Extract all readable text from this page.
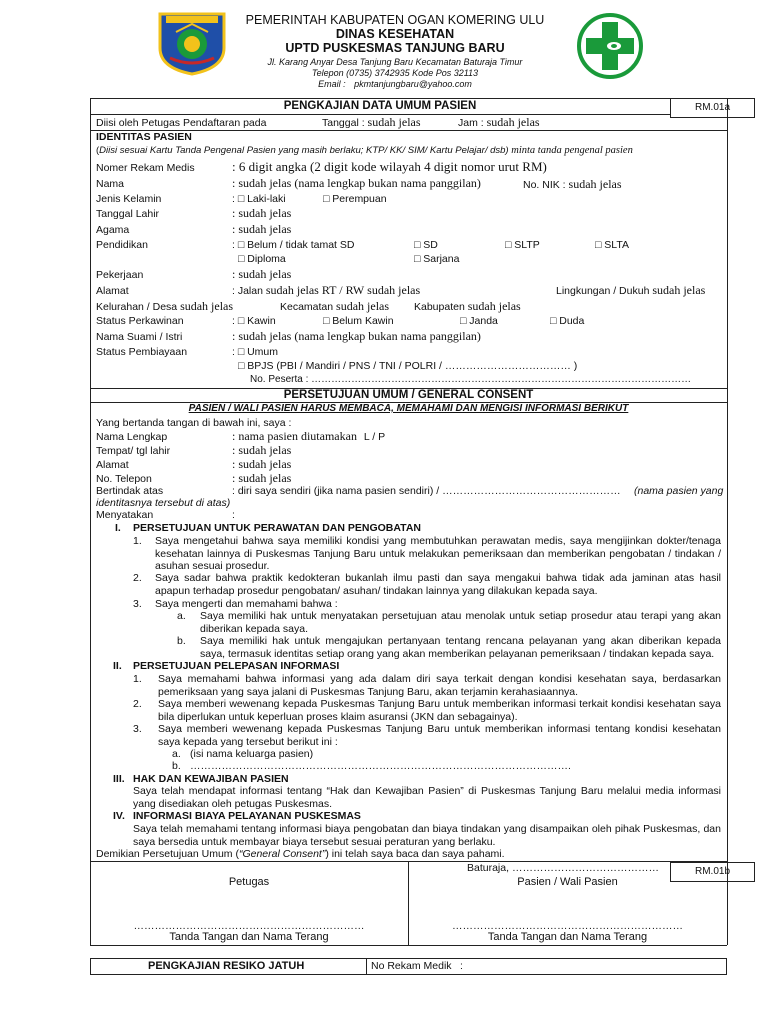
PEMERINTAH KABUPATEN OGAN KOMERING ULU
DINAS KESEHATAN
UPTD PUSKESMAS TANJUNG BARU
Jl. Karang Anyar Desa Tanjung Baru Kecamatan Baturaja Timur
Telepon (0735) 3742935 Kode Pos 32113
Email : pkmtanjungbaru@yahoo.com
PENGKAJIAN DATA UMUM PASIEN	RM.01a
Diisi oleh Petugas Pendaftaran pada	Tanggal : sudah jelas	Jam : sudah jelas
IDENTITAS PASIEN
(Diisi sesuai Kartu Tanda Pengenal Pasien yang masih berlaku; KTP/ KK/ SIM/ Kartu Pelajar/ dsb) minta tanda pengenal pasien
Nomer Rekam Medis	: 6 digit angka (2 digit kode wilayah 4 digit nomor urut RM)
Nama	: sudah jelas (nama lengkap bukan nama panggilan)	No. NIK : sudah jelas
Jenis Kelamin	: □ Laki-laki	□ Perempuan
Tanggal Lahir	: sudah jelas
Agama	: sudah jelas
Pendidikan	: □ Belum / tidak tamat SD	□ SD	□ SLTP	□ SLTA
□ Diploma	□ Sarjana
Pekerjaan	: sudah jelas
Alamat	: Jalan sudah jelas RT / RW sudah jelas	Lingkungan / Dukuh sudah jelas
Kelurahan / Desa sudah jelas	Kecamatan sudah jelas Kabupaten sudah jelas
Status Perkawinan	: □ Kawin	□ Belum Kawin	□ Janda	□ Duda
Nama Suami / Istri	: sudah jelas (nama lengkap bukan nama panggilan)
Status Pembiayaan	: □ Umum
□ BPJS (PBI / Mandiri / PNS / TNI / POLRI / ……………………………… )
No. Peserta : ……………………………………………………………………………………………………
PERSETUJUAN UMUM / GENERAL CONSENT
PASIEN / WALI PASIEN HARUS MEMBACA, MEMAHAMI DAN MENGISI INFORMASI BERIKUT
Yang bertanda tangan di bawah ini, saya :
Nama Lengkap	: nama pasien diutamakan L / P
Tempat/ tgl lahir	: sudah jelas
Alamat	: sudah jelas
No. Telepon	: sudah jelas
Bertindak atas	: diri saya sendiri (jika nama pasien sendiri) / …………………………………………… (nama pasien yang
identitasnya tersebut di atas)
Menyatakan	:
I. PERSETUJUAN UNTUK PERAWATAN DAN PENGOBATAN
1. Saya mengetahui bahwa saya memiliki kondisi yang membutuhkan perawatan medis, saya mengijinkan dokter/tenaga kesehatan lainnya di Puskesmas Tanjung Baru untuk melakukan pemeriksaan dan memberikan pengobatan / tindakan / asuhan sesuai prosedur.

2. Saya sadar bahwa praktik kedokteran bukanlah ilmu pasti dan saya mengakui bahwa tidak ada jaminan atas hasil apapun terhadap prosedur pengobatan/ asuhan/ tindakan lainnya yang dilakukan kepada saya.

3. Saya mengerti dan memahami bahwa :

a. Saya memiliki hak untuk menyatakan persetujuan atau menolak untuk setiap prosedur atau terapi yang akan diberikan kepada saya.

b. Saya memiliki hak untuk mengajukan pertanyaan tentang rencana pelayanan yang akan diberikan kepada saya, termasuk identitas setiap orang yang akan memberikan pelayanan pemeriksaan / tindakan kepada saya.

II. PERSETUJUAN PELEPASAN INFORMASI
1. Saya memahami bahwa informasi yang ada dalam diri saya terkait dengan kondisi kesehatan saya, berdasarkan pemeriksaan yang saya jalani di Puskesmas Tanjung Baru, akan terjamin kerahasiaannya.

2. Saya memberi wewenang kepada Puskesmas Tanjung Baru untuk memberikan informasi terkait kondisi kesehatan saya bila diperlukan untuk keperluan proses klaim asuransi (JKN dan sebagainya).

3. Saya memberi wewenang kepada Puskesmas Tanjung Baru untuk memberikan informasi tentang kondisi kesehatan saya kepada yang tersebut berikut ini :

a. (isi nama keluarga pasien)
b. ……………………………………………………………………………………………….
III. HAK DAN KEWAJIBAN PASIEN

Saya telah mendapat informasi tentang “Hak dan Kewajiban Pasien” di Puskesmas Tanjung Baru melalui media informasi yang disediakan oleh petugas Puskesmas.

IV. INFORMASI BIAYA PELAYANAN PUSKESMAS

Saya telah memahami tentang informasi biaya pengobatan dan biaya tindakan yang disampaikan oleh pihak Puskesmas, dan saya bersedia untuk membayar biaya tersebut sesuai peraturan yang berlaku.

Demikian Persetujuan Umum (“General Consent”) ini telah saya baca dan saya pahami.
Baturaja, ……………………………………	RM.01b
Petugas	Pasien / Wali Pasien
…………………………………………………………	…………………………………………………………
Tanda Tangan dan Nama Terang	Tanda Tangan dan Nama Terang
PENGKAJIAN RESIKO JATUH	No Rekam Medik :
